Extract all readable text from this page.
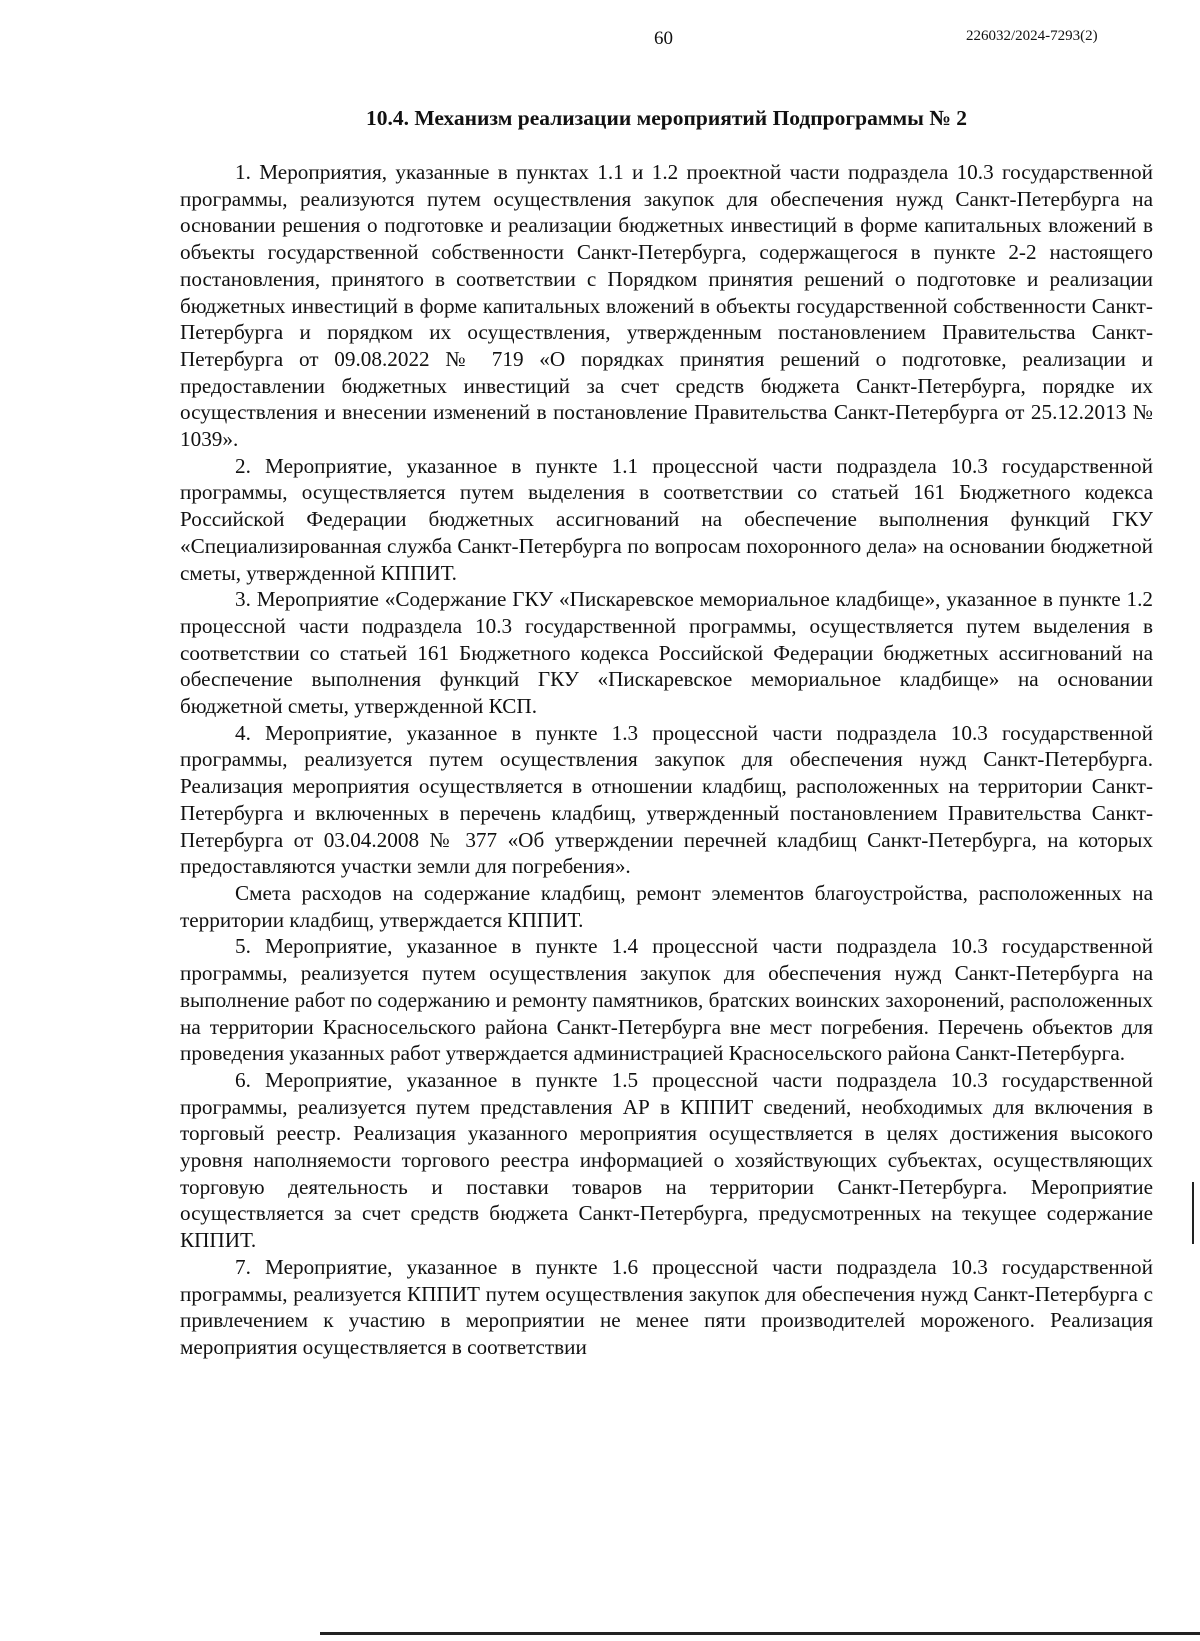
60	226032/2024-7293(2)
10.4. Механизм реализации мероприятий Подпрограммы № 2

1. Мероприятия, указанные в пунктах 1.1 и 1.2 проектной части подраздела 10.3 государственной программы, реализуются путем осуществления закупок для обеспечения нужд Санкт-Петербурга на основании решения о подготовке и реализации бюджетных инвестиций в форме капитальных вложений в объекты государственной собственности Санкт-Петербурга, содержащегося в пункте 2-2 настоящего постановления, принятого в соответствии с Порядком принятия решений о подготовке и реализации бюджетных инвестиций в форме капитальных вложений в объекты государственной собственности Санкт-Петербурга и порядком их осуществления, утвержденным постановлением Правительства Санкт-Петербурга от 09.08.2022 № 719 «О порядках принятия решений о подготовке, реализации и предоставлении бюджетных инвестиций за счет средств бюджета Санкт-Петербурга, порядке их осуществления и внесении изменений в постановление Правительства Санкт-Петербурга от 25.12.2013 № 1039».

2. Мероприятие, указанное в пункте 1.1 процессной части подраздела 10.3 государственной программы, осуществляется путем выделения в соответствии со статьей 161 Бюджетного кодекса Российской Федерации бюджетных ассигнований на обеспечение выполнения функций ГКУ «Специализированная служба Санкт-Петербурга по вопросам похоронного дела» на основании бюджетной сметы, утвержденной КППИТ.

3. Мероприятие «Содержание ГКУ «Пискаревское мемориальное кладбище», указанное в пункте 1.2 процессной части подраздела 10.3 государственной программы, осуществляется путем выделения в соответствии со статьей 161 Бюджетного кодекса Российской Федерации бюджетных ассигнований на обеспечение выполнения функций ГКУ «Пискаревское мемориальное кладбище» на основании бюджетной сметы, утвержденной КСП.

4. Мероприятие, указанное в пункте 1.3 процессной части подраздела 10.3 государственной программы, реализуется путем осуществления закупок для обеспечения нужд Санкт-Петербурга. Реализация мероприятия осуществляется в отношении кладбищ, расположенных на территории Санкт-Петербурга и включенных в перечень кладбищ, утвержденный постановлением Правительства Санкт-Петербурга от 03.04.2008 № 377 «Об утверждении перечней кладбищ Санкт-Петербурга, на которых предоставляются участки земли для погребения».

Смета расходов на содержание кладбищ, ремонт элементов благоустройства, расположенных на территории кладбищ, утверждается КППИТ.

5. Мероприятие, указанное в пункте 1.4 процессной части подраздела 10.3 государственной программы, реализуется путем осуществления закупок для обеспечения нужд Санкт-Петербурга на выполнение работ по содержанию и ремонту памятников, братских воинских захоронений, расположенных на территории Красносельского района Санкт-Петербурга вне мест погребения. Перечень объектов для проведения указанных работ утверждается администрацией Красносельского района Санкт-Петербурга.

6. Мероприятие, указанное в пункте 1.5 процессной части подраздела 10.3 государственной программы, реализуется путем представления АР в КППИТ сведений, необходимых для включения в торговый реестр. Реализация указанного мероприятия осуществляется в целях достижения высокого уровня наполняемости торгового реестра информацией о хозяйствующих субъектах, осуществляющих торговую деятельность и поставки товаров на территории Санкт-Петербурга. Мероприятие осуществляется за счет средств бюджета Санкт-Петербурга, предусмотренных на текущее содержание КППИТ.

7. Мероприятие, указанное в пункте 1.6 процессной части подраздела 10.3 государственной программы, реализуется КППИТ путем осуществления закупок для обеспечения нужд Санкт-Петербурга с привлечением к участию в мероприятии не менее пяти производителей мороженого. Реализация мероприятия осуществляется в соответствии
